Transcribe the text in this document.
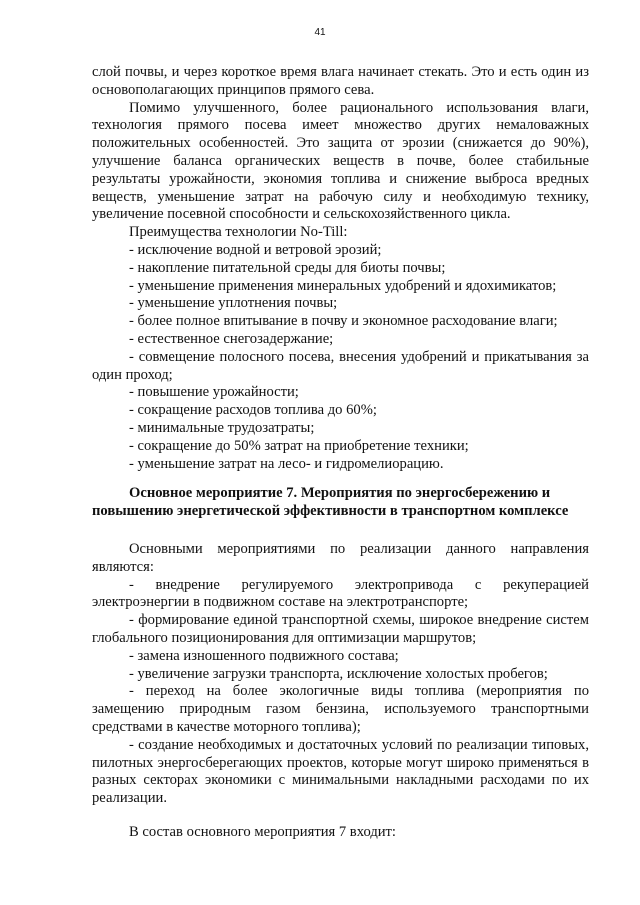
41

слой почвы, и через короткое время влага начинает стекать. Это и есть один из основополагающих принципов прямого сева.

Помимо улучшенного, более рационального использования влаги, технология прямого посева имеет множество других немаловажных положительных особенностей. Это защита от эрозии (снижается до 90%), улучшение баланса органических веществ в почве, более стабильные результаты урожайности, экономия топлива и снижение выброса вредных веществ, уменьшение затрат на рабочую силу и необходимую технику, увеличение посевной способности и сельскохозяйственного цикла.

Преимущества технологии No-Till:

- исключение водной и ветровой эрозий;

- накопление питательной среды для биоты почвы;

- уменьшение применения минеральных удобрений и ядохимикатов;

- уменьшение уплотнения почвы;

- более полное впитывание в почву и экономное расходование влаги;

- естественное снегозадержание;

- совмещение полосного посева, внесения удобрений и прикатывания за один проход;

- повышение урожайности;

- сокращение расходов топлива до 60%;

- минимальные трудозатраты;

- сокращение до 50% затрат на приобретение техники;

- уменьшение затрат на лесо- и гидромелиорацию.

Основное мероприятие 7. Мероприятия по энергосбережению и повышению энергетической эффективности в транспортном комплексе

Основными мероприятиями по реализации данного направления являются:

- внедрение регулируемого электропривода с рекуперацией электроэнергии в подвижном составе на электротранспорте;

- формирование единой транспортной схемы, широкое внедрение систем глобального позиционирования для оптимизации маршрутов;

- замена изношенного подвижного состава;

- увеличение загрузки транспорта, исключение холостых пробегов;

- переход на более экологичные виды топлива (мероприятия по замещению природным газом бензина, используемого транспортными средствами в качестве моторного топлива);

- создание необходимых и достаточных условий по реализации типовых, пилотных энергосберегающих проектов, которые могут широко применяться в разных секторах экономики с минимальными накладными расходами по их реализации.

В состав основного мероприятия 7 входит:
